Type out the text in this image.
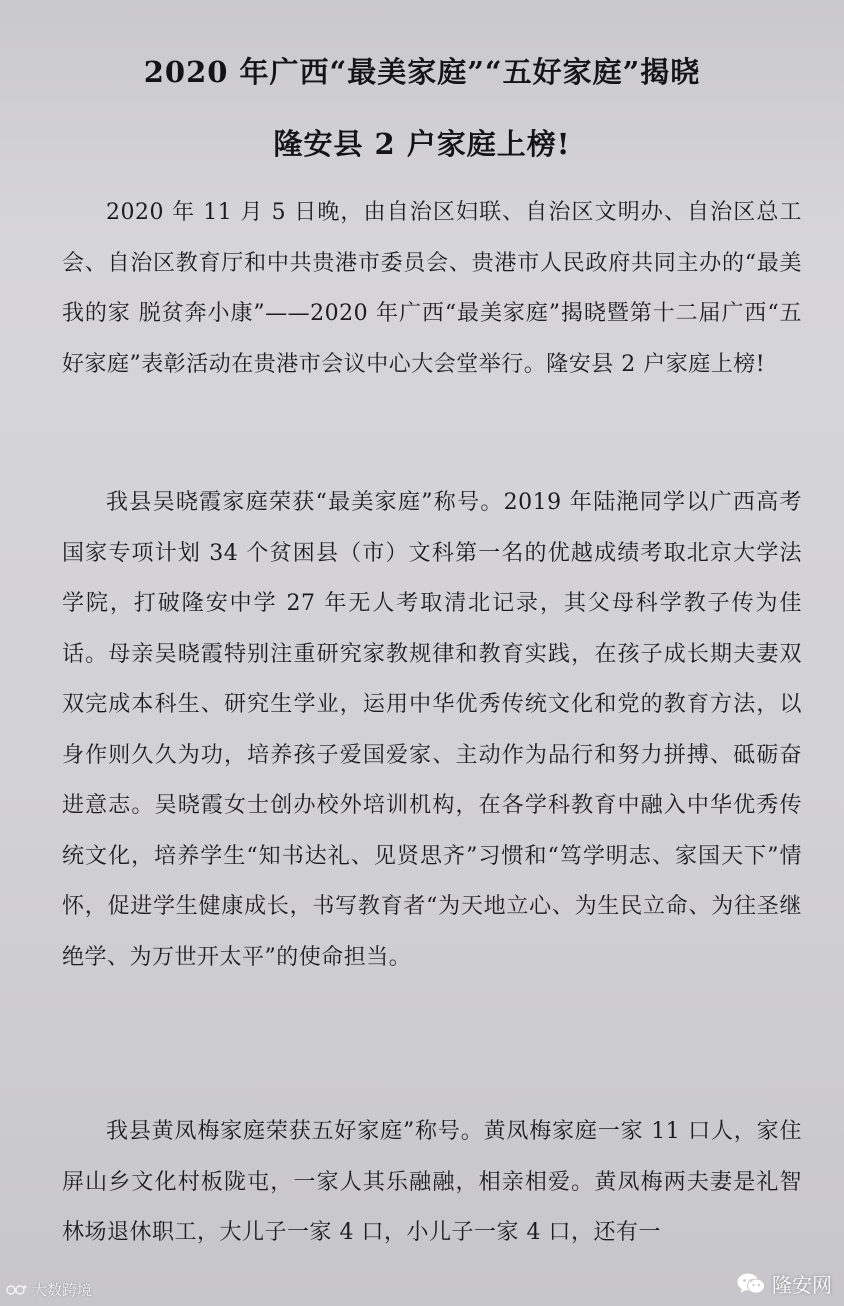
2020 年广西“最美家庭”“五好家庭”揭晓
隆安县 2 户家庭上榜!
2020 年 11 月 5 日晚，由自治区妇联、自治区文明办、自治区总工会、自治区教育厅和中共贵港市委员会、贵港市人民政府共同主办的“最美我的家 脱贫奔小康”——2020 年广西“最美家庭”揭晓暨第十二届广西“五好家庭”表彰活动在贵港市会议中心大会堂举行。隆安县 2 户家庭上榜!
我县吴晓霞家庭荣获“最美家庭”称号。2019 年陆滟同学以广西高考国家专项计划 34 个贫困县（市）文科第一名的优越成绩考取北京大学法学院，打破隆安中学 27 年无人考取清北记录，其父母科学教子传为佳话。母亲吴晓霞特别注重研究家教规律和教育实践，在孩子成长期夫妻双双完成本科生、研究生学业，运用中华优秀传统文化和党的教育方法，以身作则久久为功，培养孩子爱国爱家、主动作为品行和努力拼搏、砥砺奋进意志。吴晓霞女士创办校外培训机构，在各学科教育中融入中华优秀传统文化，培养学生“知书达礼、见贤思齐”习惯和“笃学明志、家国天下”情怀，促进学生健康成长，书写教育者“为天地立心、为生民立命、为往圣继绝学、为万世开太平”的使命担当。
我县黄凤梅家庭荣获五好家庭”称号。黄凤梅家庭一家 11 口人，家住屏山乡文化村板陇屯，一家人其乐融融，相亲相爱。黄凤梅两夫妻是礼智林场退休职工，大儿子一家 4 口，小儿子一家 4 口，还有一
大数跨境	隆安网
